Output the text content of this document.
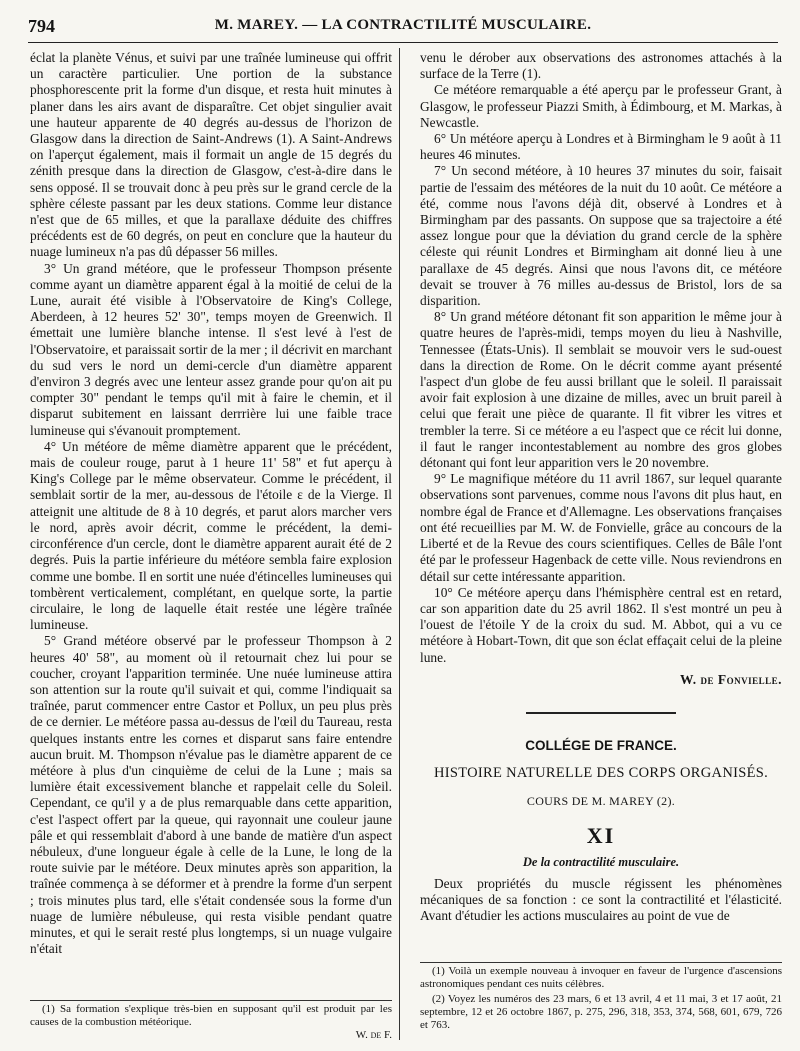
794	M. MAREY. — LA CONTRACTILITÉ MUSCULAIRE.

éclat la planète Vénus, et suivi par une traînée lumineuse qui offrit un caractère particulier. Une portion de la substance phosphorescente prit la forme d'un disque, et resta huit minutes à planer dans les airs avant de disparaître. Cet objet singulier avait une hauteur apparente de 40 degrés au-dessus de l'horizon de Glasgow dans la direction de Saint-Andrews (1). A Saint-Andrews on l'aperçut également, mais il formait un angle de 15 degrés du zénith presque dans la direction de Glasgow, c'est-à-dire dans le sens opposé. Il se trouvait donc à peu près sur le grand cercle de la sphère céleste passant par les deux stations. Comme leur distance n'est que de 65 milles, et que la parallaxe déduite des chiffres précédents est de 60 degrés, on peut en conclure que la hauteur du nuage lumineux n'a pas dû dépasser 56 milles.

3° Un grand météore, que le professeur Thompson présente comme ayant un diamètre apparent égal à la moitié de celui de la Lune, aurait été visible à l'Observatoire de King's College, Aberdeen, à 12 heures 52' 30", temps moyen de Greenwich. Il émettait une lumière blanche intense. Il s'est levé à l'est de l'Observatoire, et paraissait sortir de la mer ; il décrivit en marchant du sud vers le nord un demi-cercle d'un diamètre apparent d'environ 3 degrés avec une lenteur assez grande pour qu'on ait pu compter 30" pendant le temps qu'il mit à faire le chemin, et il disparut subitement en laissant derrrière lui une faible trace lumineuse qui s'évanouit promptement.

4° Un météore de même diamètre apparent que le précédent, mais de couleur rouge, parut à 1 heure 11' 58" et fut aperçu à King's College par le même observateur. Comme le précédent, il semblait sortir de la mer, au-dessous de l'étoile ε de la Vierge. Il atteignit une altitude de 8 à 10 degrés, et parut alors marcher vers le nord, après avoir décrit, comme le précédent, la demi-circonférence d'un cercle, dont le diamètre apparent aurait été de 2 degrés. Puis la partie inférieure du météore sembla faire explosion comme une bombe. Il en sortit une nuée d'étincelles lumineuses qui tombèrent verticalement, complétant, en quelque sorte, la partie circulaire, le long de laquelle était restée une légère traînée lumineuse.

5° Grand météore observé par le professeur Thompson à 2 heures 40' 58", au moment où il retournait chez lui pour se coucher, croyant l'apparition terminée. Une nuée lumineuse attira son attention sur la route qu'il suivait et qui, comme l'indiquait sa traînée, parut commencer entre Castor et Pollux, un peu plus près de ce dernier. Le météore passa au-dessus de l'œil du Taureau, resta quelques instants entre les cornes et disparut sans faire entendre aucun bruit. M. Thompson n'évalue pas le diamètre apparent de ce météore à plus d'un cinquième de celui de la Lune ; mais sa lumière était excessivement blanche et rappelait celle du Soleil. Cependant, ce qu'il y a de plus remarquable dans cette apparition, c'est l'aspect offert par la queue, qui rayonnait une couleur jaune pâle et qui ressemblait d'abord à une bande de matière d'un aspect nébuleux, d'une longueur égale à celle de la Lune, le long de la route suivie par le météore. Deux minutes après son apparition, la traînée commença à se déformer et à prendre la forme d'un serpent ; trois minutes plus tard, elle s'était condensée sous la forme d'un nuage de lumière nébuleuse, qui resta visible pendant quatre minutes, et qui le serait resté plus longtemps, si un nuage vulgaire n'était

(1) Sa formation s'explique très-bien en supposant qu'il est produit par les causes de la combustion météorique.

W. de F.

venu le dérober aux observations des astronomes attachés à la surface de la Terre (1).

Ce météore remarquable a été aperçu par le professeur Grant, à Glasgow, le professeur Piazzi Smith, à Édimbourg, et M. Markas, à Newcastle.

6° Un météore aperçu à Londres et à Birmingham le 9 août à 11 heures 46 minutes.

7° Un second météore, à 10 heures 37 minutes du soir, faisait partie de l'essaim des météores de la nuit du 10 août. Ce météore a été, comme nous l'avons déjà dit, observé à Londres et à Birmingham par des passants. On suppose que sa trajectoire a été assez longue pour que la déviation du grand cercle de la sphère céleste qui réunit Londres et Birmingham ait donné lieu à une parallaxe de 45 degrés. Ainsi que nous l'avons dit, ce météore devait se trouver à 76 milles au-dessus de Bristol, lors de sa disparition.

8° Un grand météore détonant fit son apparition le même jour à quatre heures de l'après-midi, temps moyen du lieu à Nashville, Tennessee (États-Unis). Il semblait se mouvoir vers le sud-ouest dans la direction de Rome. On le décrit comme ayant présenté l'aspect d'un globe de feu aussi brillant que le soleil. Il paraissait avoir fait explosion à une dizaine de milles, avec un bruit pareil à celui que ferait une pièce de quarante. Il fit vibrer les vitres et trembler la terre. Si ce météore a eu l'aspect que ce récit lui donne, il faut le ranger incontestablement au nombre des gros globes détonant qui font leur apparition vers le 20 novembre.

9° Le magnifique météore du 11 avril 1867, sur lequel quarante observations sont parvenues, comme nous l'avons dit plus haut, en nombre égal de France et d'Allemagne. Les observations françaises ont été recueillies par M. W. de Fonvielle, grâce au concours de la Liberté et de la Revue des cours scientifiques. Celles de Bâle l'ont été par le professeur Hagenback de cette ville. Nous reviendrons en détail sur cette intéressante apparition.

10° Ce météore aperçu dans l'hémisphère central est en retard, car son apparition date du 25 avril 1862. Il s'est montré un peu à l'ouest de l'étoile Y de la croix du sud. M. Abbot, qui a vu ce météore à Hobart-Town, dit que son éclat effaçait celui de la pleine lune.

W. de Fonvielle.

COLLÉGE DE FRANCE.

HISTOIRE NATURELLE DES CORPS ORGANISÉS.

COURS DE M. MAREY (2).

XI

De la contractilité musculaire.

Deux propriétés du muscle régissent les phénomènes mécaniques de sa fonction : ce sont la contractilité et l'élasticité. Avant d'étudier les actions musculaires au point de vue de

(1) Voilà un exemple nouveau à invoquer en faveur de l'urgence d'ascensions astronomiques pendant ces nuits célèbres.

(2) Voyez les numéros des 23 mars, 6 et 13 avril, 4 et 11 mai, 3 et 17 août, 21 septembre, 12 et 26 octobre 1867, p. 275, 296, 318, 353, 374, 568, 601, 679, 726 et 763.
